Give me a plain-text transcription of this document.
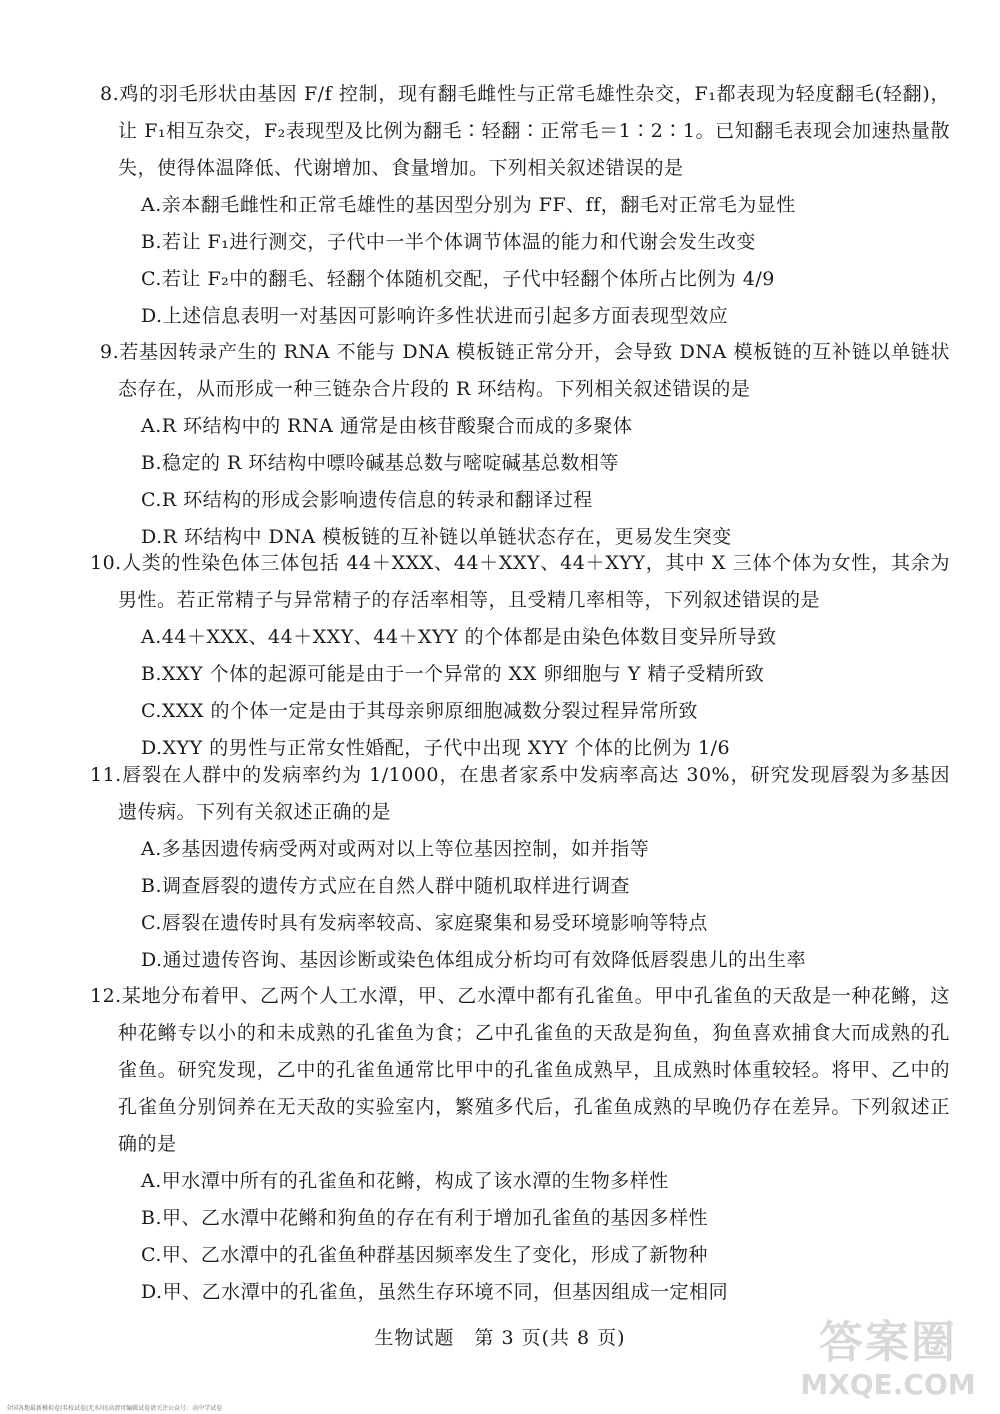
8.鸡的羽毛形状由基因 F/f 控制，现有翻毛雌性与正常毛雄性杂交，F₁都表现为轻度翻毛(轻翻)，让 F₁相互杂交，F₂表现型及比例为翻毛∶轻翻∶正常毛＝1∶2∶1。已知翻毛表现会加速热量散失，使得体温降低、代谢增加、食量增加。下列相关叙述错误的是

A.亲本翻毛雌性和正常毛雄性的基因型分别为 FF、ff，翻毛对正常毛为显性

B.若让 F₁进行测交，子代中一半个体调节体温的能力和代谢会发生改变

C.若让 F₂中的翻毛、轻翻个体随机交配，子代中轻翻个体所占比例为 4/9

D.上述信息表明一对基因可影响许多性状进而引起多方面表现型效应

9.若基因转录产生的 RNA 不能与 DNA 模板链正常分开，会导致 DNA 模板链的互补链以单链状态存在，从而形成一种三链杂合片段的 R 环结构。下列相关叙述错误的是

A.R 环结构中的 RNA 通常是由核苷酸聚合而成的多聚体

B.稳定的 R 环结构中嘌呤碱基总数与嘧啶碱基总数相等

C.R 环结构的形成会影响遗传信息的转录和翻译过程

D.R 环结构中 DNA 模板链的互补链以单链状态存在，更易发生突变

10.人类的性染色体三体包括 44＋XXX、44＋XXY、44＋XYY，其中 X 三体个体为女性，其余为男性。若正常精子与异常精子的存活率相等，且受精几率相等，下列叙述错误的是

A.44＋XXX、44＋XXY、44＋XYY 的个体都是由染色体数目变异所导致

B.XXY 个体的起源可能是由于一个异常的 XX 卵细胞与 Y 精子受精所致

C.XXX 的个体一定是由于其母亲卵原细胞减数分裂过程异常所致

D.XYY 的男性与正常女性婚配，子代中出现 XYY 个体的比例为 1/6

11.唇裂在人群中的发病率约为 1/1000，在患者家系中发病率高达 30%，研究发现唇裂为多基因遗传病。下列有关叙述正确的是

A.多基因遗传病受两对或两对以上等位基因控制，如并指等

B.调查唇裂的遗传方式应在自然人群中随机取样进行调查

C.唇裂在遗传时具有发病率较高、家庭聚集和易受环境影响等特点

D.通过遗传咨询、基因诊断或染色体组成分析均可有效降低唇裂患儿的出生率

12.某地分布着甲、乙两个人工水潭，甲、乙水潭中都有孔雀鱼。甲中孔雀鱼的天敌是一种花鳉，这种花鳉专以小的和未成熟的孔雀鱼为食；乙中孔雀鱼的天敌是狗鱼，狗鱼喜欢捕食大而成熟的孔雀鱼。研究发现，乙中的孔雀鱼通常比甲中的孔雀鱼成熟早，且成熟时体重较轻。将甲、乙中的孔雀鱼分别饲养在无天敌的实验室内，繁殖多代后，孔雀鱼成熟的早晚仍存在差异。下列叙述正确的是

A.甲水潭中所有的孔雀鱼和花鳉，构成了该水潭的生物多样性

B.甲、乙水潭中花鳉和狗鱼的存在有利于增加孔雀鱼的基因多样性

C.甲、乙水潭中的孔雀鱼种群基因频率发生了变化，形成了新物种

D.甲、乙水潭中的孔雀鱼，虽然生存环境不同，但基因组成一定相同

生物试题　第 3 页(共 8 页)	答案圈
MXQE.COM
全国各地最新模拟卷|名校试卷|无水印|高清可编辑试卷请关注公众号：高中学试卷
